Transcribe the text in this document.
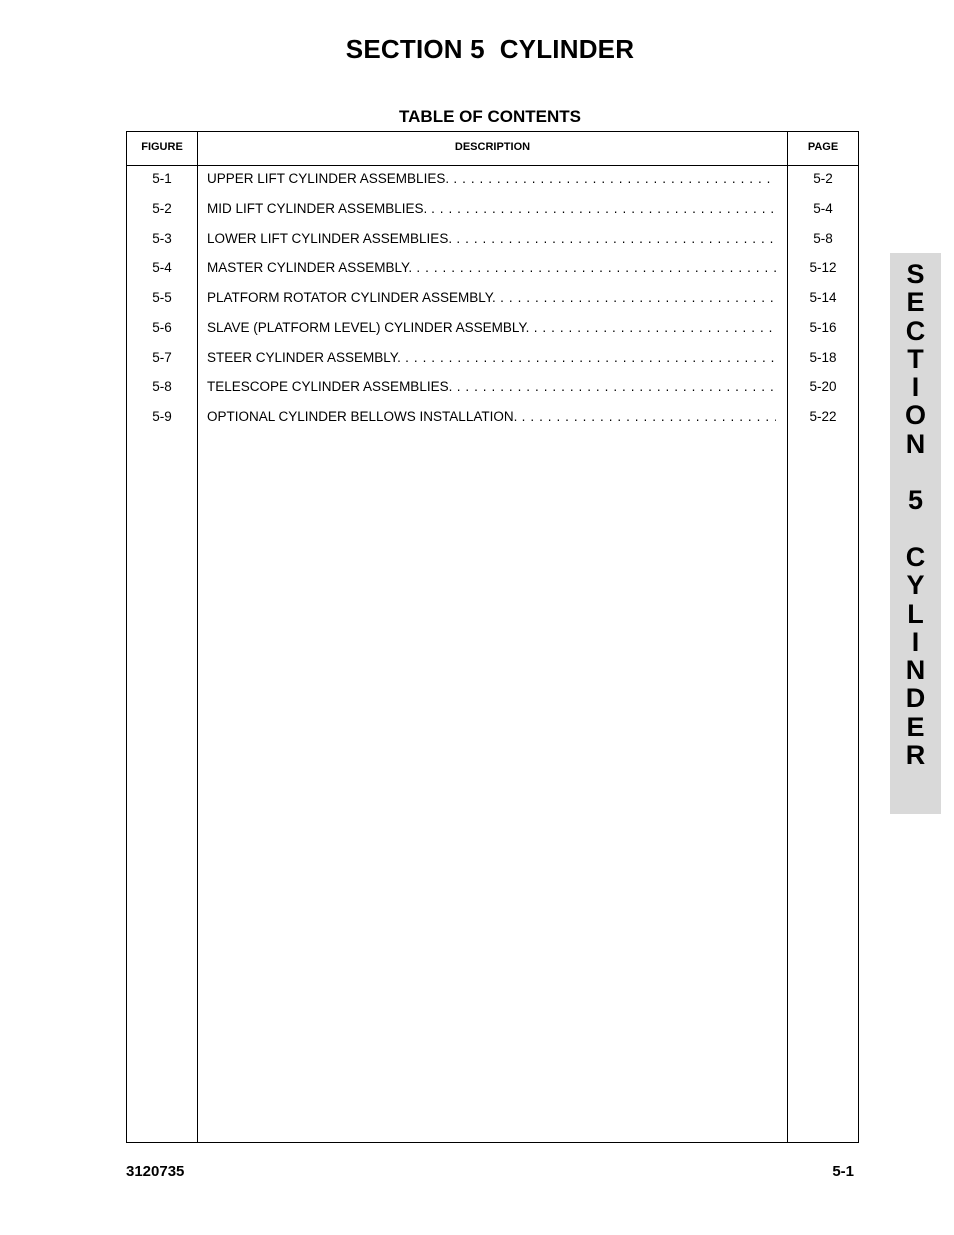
SECTION 5  CYLINDER
TABLE OF CONTENTS
FIGURE	DESCRIPTION	PAGE
5-1	UPPER LIFT CYLINDER ASSEMBLIES. . . .	5-2
5-2	MID LIFT CYLINDER ASSEMBLIES. . . .	5-4
5-3	LOWER LIFT CYLINDER ASSEMBLIES. . . .	5-8
5-4	MASTER CYLINDER ASSEMBLY. . . .	5-12
5-5	PLATFORM ROTATOR CYLINDER ASSEMBLY. . . .	5-14
5-6	SLAVE (PLATFORM LEVEL) CYLINDER ASSEMBLY. . . .	5-16
5-7	STEER CYLINDER ASSEMBLY. . . .	5-18
5-8	TELESCOPE CYLINDER ASSEMBLIES. . . .	5-20
5-9	OPTIONAL CYLINDER BELLOWS INSTALLATION. . . .	5-22
S
E
C
T
I
O
N
5
C
Y
L
I
N
D
E
R
3120735	5-1
